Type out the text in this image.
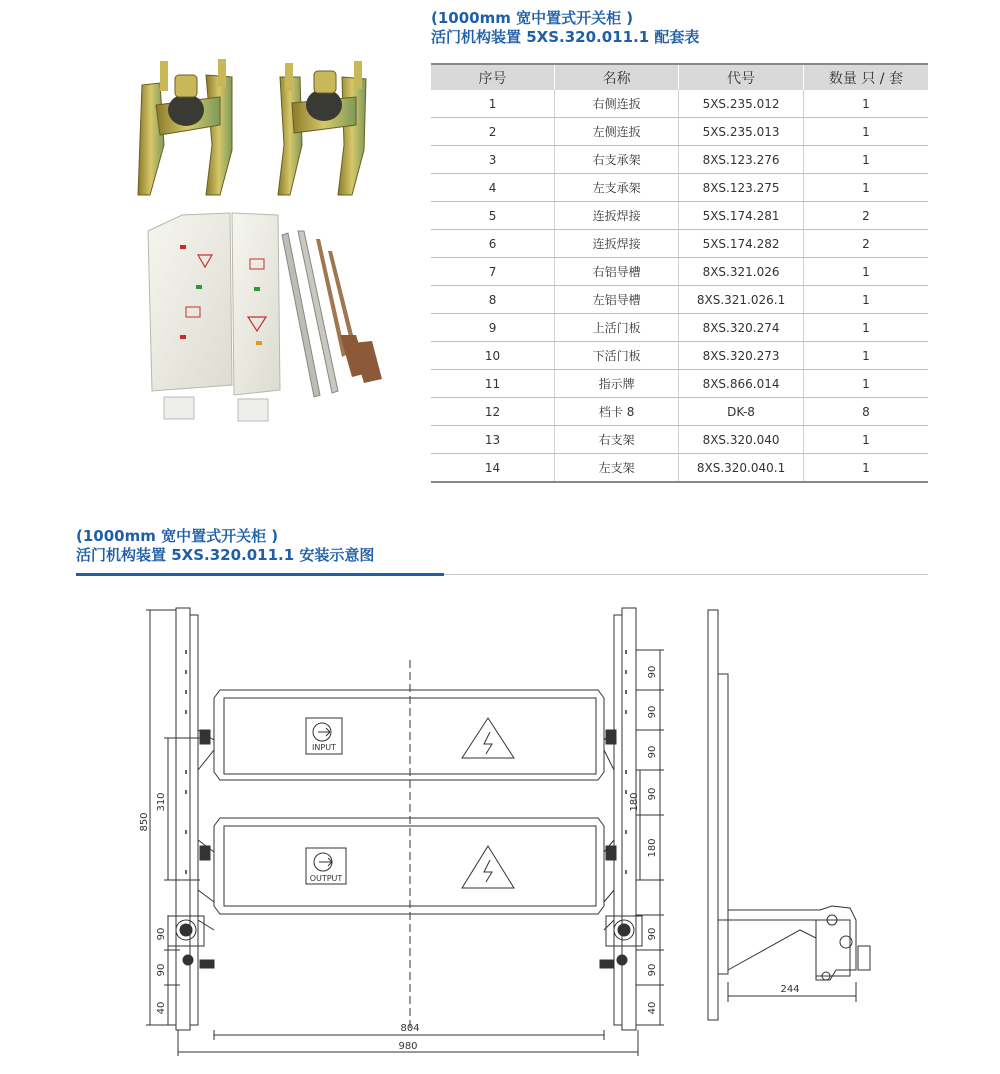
(1000mm 宽中置式开关柜 )
活门机构装置 5XS.320.011.1 配套表
序号	名称	代号	数量 只 / 套
1	右侧连扳	5XS.235.012	1
2	左侧连扳	5XS.235.013	1
3	右支承架	8XS.123.276	1
4	左支承架	8XS.123.275	1
5	连扳焊接	5XS.174.281	2
6	连扳焊接	5XS.174.282	2
7	右铝导槽	8XS.321.026	1
8	左铝导槽	8XS.321.026.1	1
9	上活门板	8XS.320.274	1
10	下活门板	8XS.320.273	1
11	指示牌	8XS.866.014	1
12	档卡 8	DK-8	8
13	右支架	8XS.320.040	1
14	左支架	8XS.320.040.1	1
(1000mm 宽中置式开关柜 )
活门机构装置 5XS.320.011.1 安装示意图
850
310
90
90
40
90
90
90
90
180
180
90
90
40
804
980
244
INPUT
OUTPUT
